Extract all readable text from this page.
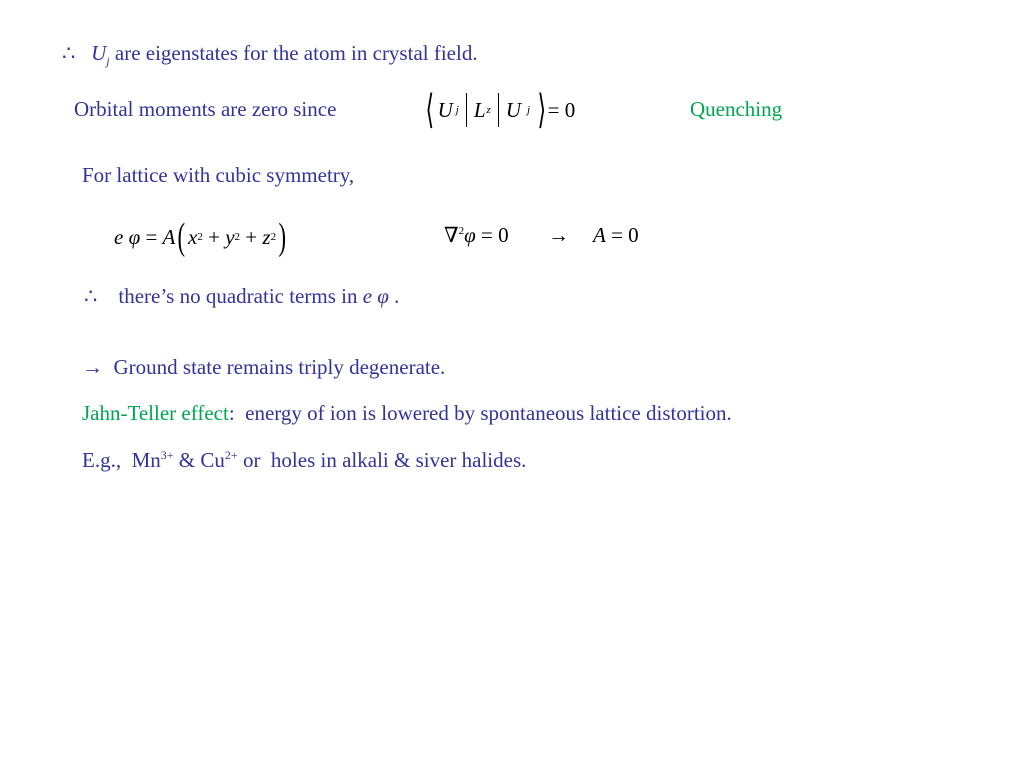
∴ $U_j$ are eigenstates for the atom in crystal field.
Orbital moments are zero since ⟨ U j L z U j ⟩ = 0	Quenching
For lattice with cubic symmetry,
e
φ
=
A ( x 2
+
y 2
+
z 2 )	∇$^2$φ = 0 → A = 0
∴ there’s no quadratic terms in e φ .
→ Ground state remains triply degenerate.
Jahn-Teller effect: energy of ion is lowered by spontaneous lattice distortion.
E.g., $Mn^{3+}$ & $Cu^{2+}$ or  holes in alkali & siver halides.
